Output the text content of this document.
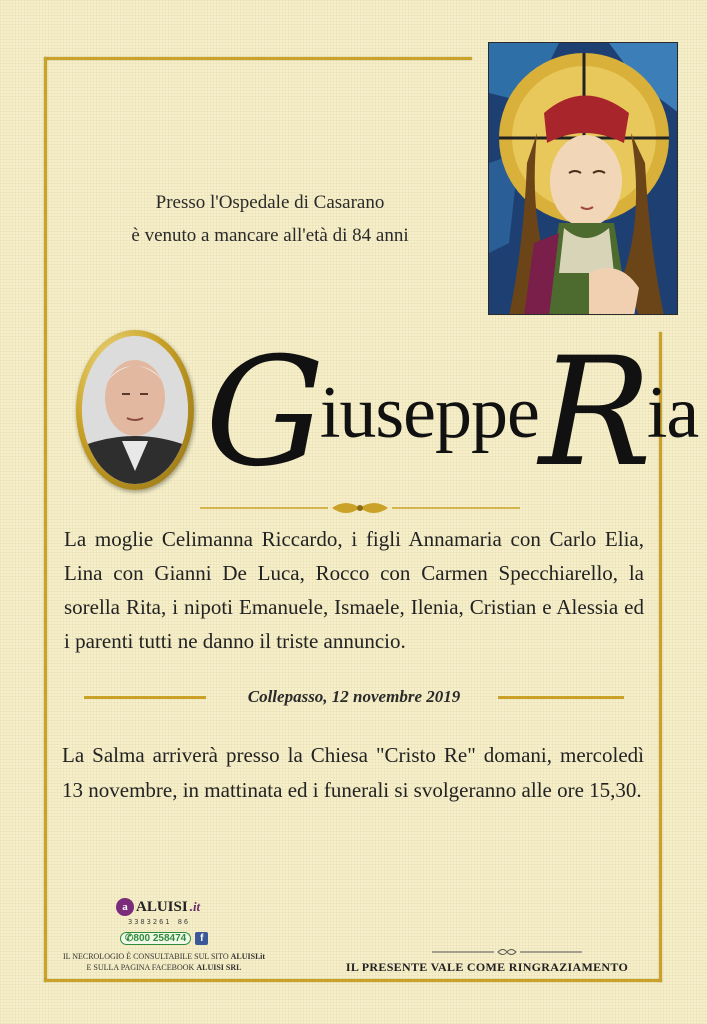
Presso l'Ospedale di Casarano
è venuto a mancare all'età di 84 anni
G
iuseppe R
ia
La moglie Celimanna Riccardo, i figli Annamaria con Carlo Elia, Lina con Gianni De Luca, Rocco con Carmen Specchiarello, la sorella Rita, i nipoti Emanuele, Ismaele, Ilenia, Cristian e Alessia ed i parenti tutti ne danno il triste annuncio.
Collepasso, 12 novembre 2019
La Salma arriverà presso la Chiesa "Cristo Re" domani, mercoledì 13 novembre, in mattinata ed i funerali si svolgeranno alle ore 15,30.
a ALUISI .it
3383261 86
✆800 258474	f
IL NECROLOGIO È CONSULTABILE SUL SITO ALUISI.it
E SULLA PAGINA FACEBOOK ALUISI SRL	IL PRESENTE VALE COME RINGRAZIAMENTO
